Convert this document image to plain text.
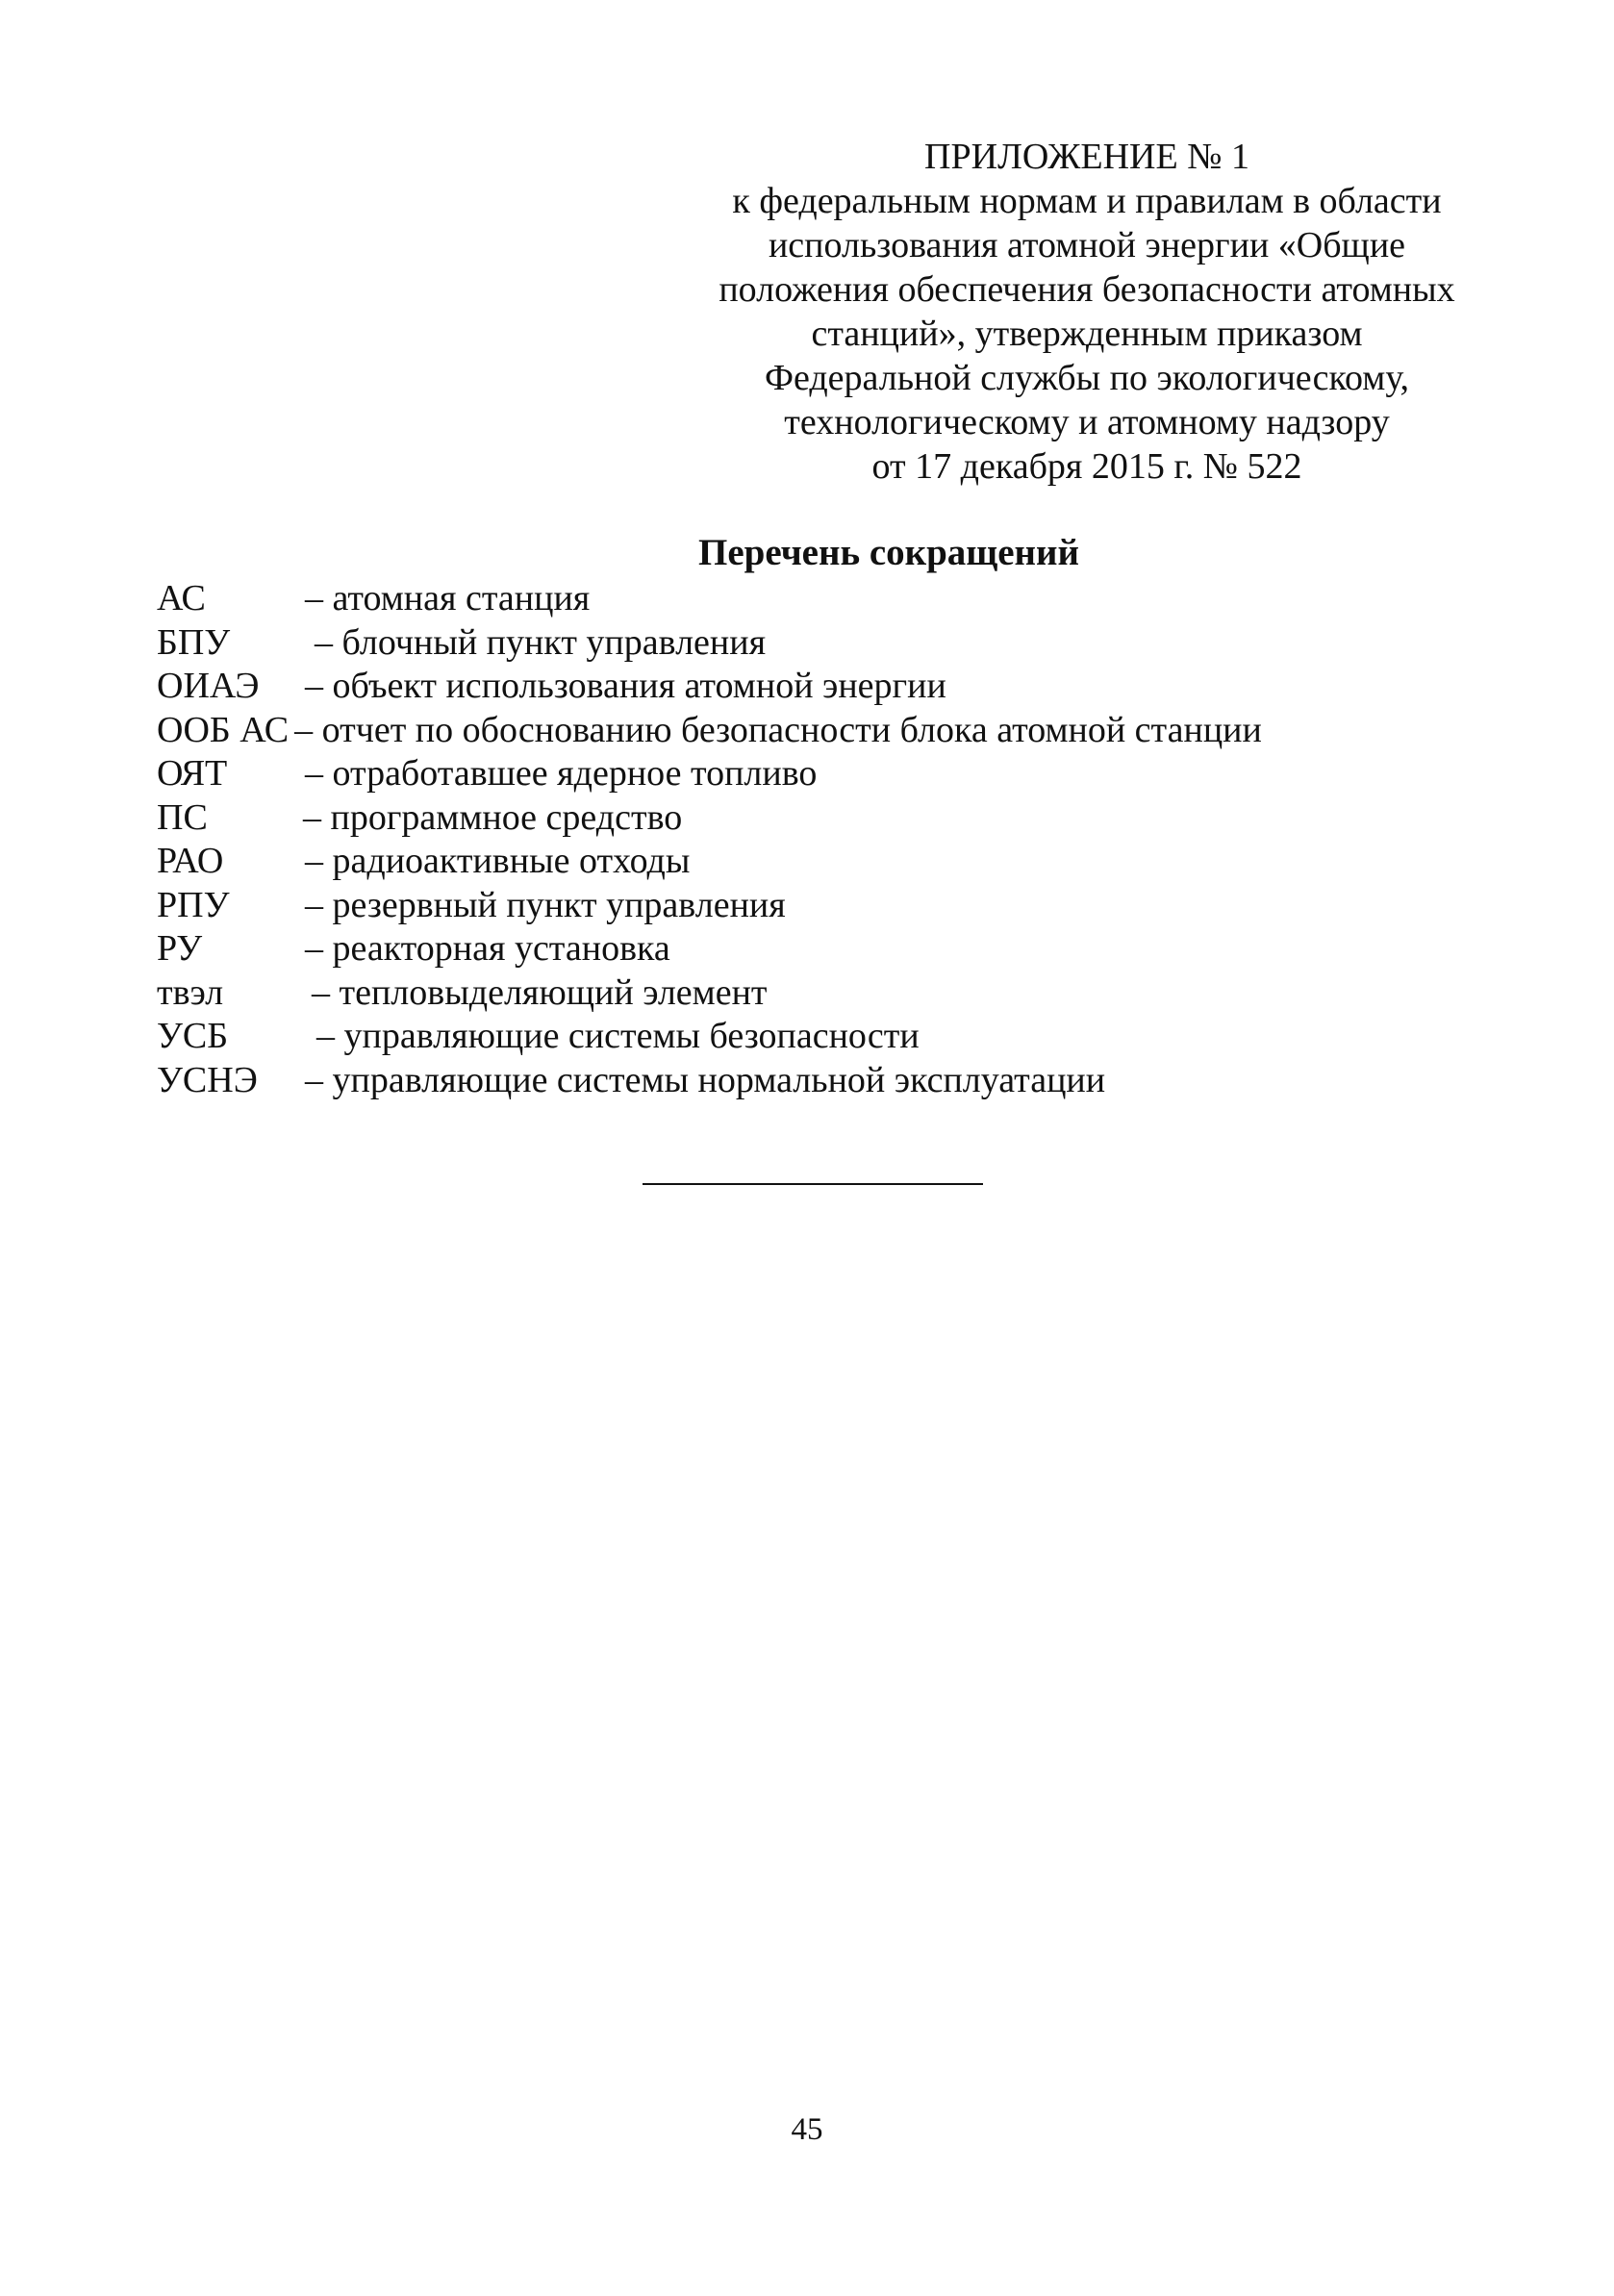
ПРИЛОЖЕНИЕ № 1
к федеральным нормам и правилам в области
использования атомной энергии «Общие
положения обеспечения безопасности атомных
станций», утвержденным приказом
Федеральной службы по экологическому,
технологическому и атомному надзору
от 17 декабря 2015 г. № 522
Перечень сокращений
АС	– атомная станция
БПУ	– блочный пункт управления
ОИАЭ	– объект использования атомной энергии
ООБ АС – отчет по обоснованию безопасности блока атомной станции
ОЯТ	– отработавшее ядерное топливо
ПС	– программное средство
РАО	– радиоактивные отходы
РПУ	– резервный пункт управления
РУ	– реакторная установка
твэл	– тепловыделяющий элемент
УСБ	– управляющие системы безопасности
УСНЭ	– управляющие системы нормальной эксплуатации
45
